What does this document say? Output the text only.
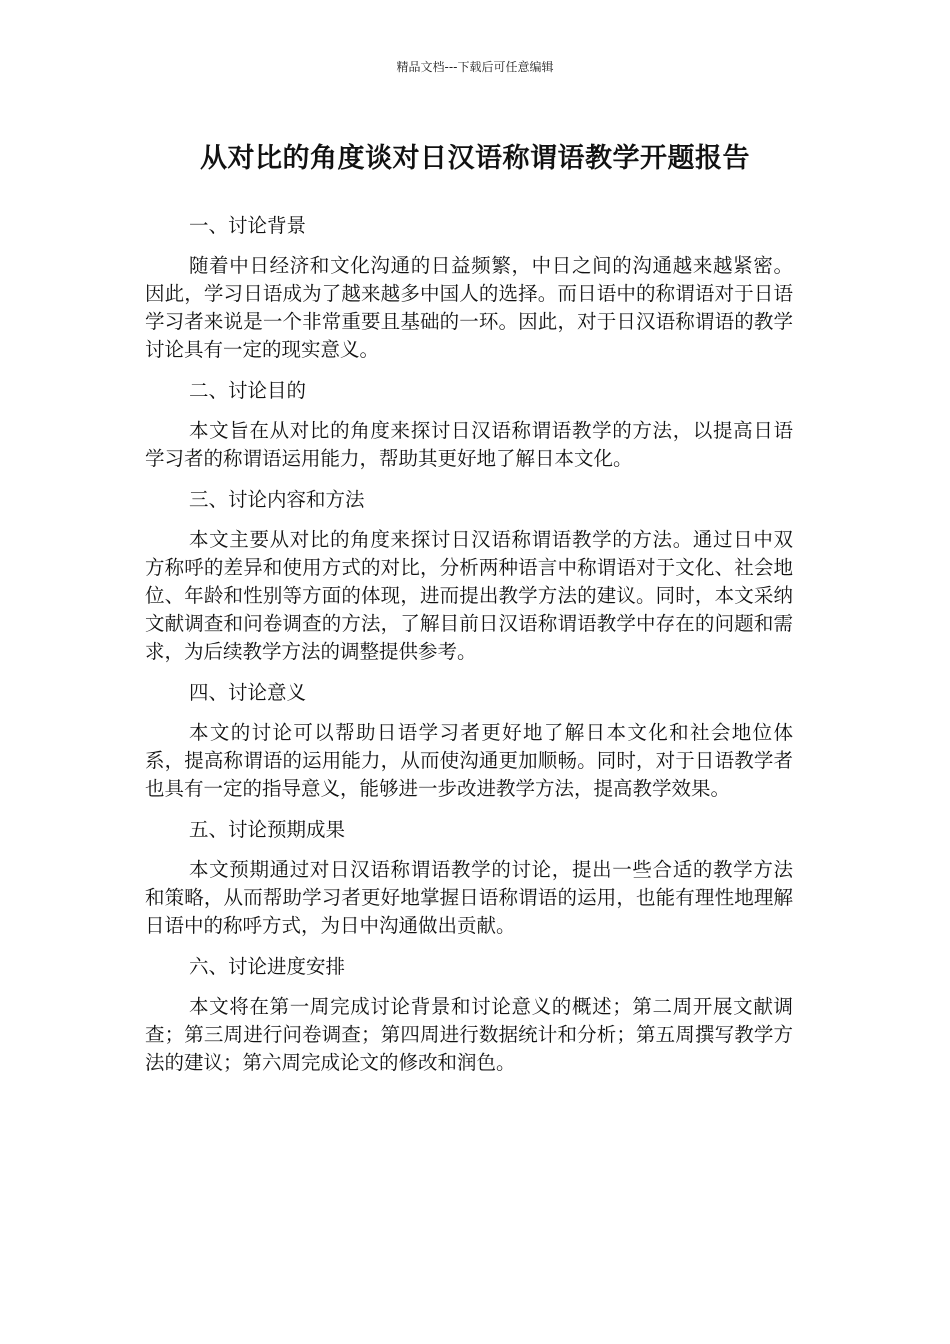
精品文档---下载后可任意编辑
从对比的角度谈对日汉语称谓语教学开题报告

一、讨论背景

随着中日经济和文化沟通的日益频繁，中日之间的沟通越来越紧密。因此，学习日语成为了越来越多中国人的选择。而日语中的称谓语对于日语学习者来说是一个非常重要且基础的一环。因此，对于日汉语称谓语的教学讨论具有一定的现实意义。

二、讨论目的

本文旨在从对比的角度来探讨日汉语称谓语教学的方法，以提高日语学习者的称谓语运用能力，帮助其更好地了解日本文化。

三、讨论内容和方法

本文主要从对比的角度来探讨日汉语称谓语教学的方法。通过日中双方称呼的差异和使用方式的对比，分析两种语言中称谓语对于文化、社会地位、年龄和性别等方面的体现，进而提出教学方法的建议。同时，本文采纳文献调查和问卷调查的方法，了解目前日汉语称谓语教学中存在的问题和需求，为后续教学方法的调整提供参考。

四、讨论意义

本文的讨论可以帮助日语学习者更好地了解日本文化和社会地位体系，提高称谓语的运用能力，从而使沟通更加顺畅。同时，对于日语教学者也具有一定的指导意义，能够进一步改进教学方法，提高教学效果。

五、讨论预期成果

本文预期通过对日汉语称谓语教学的讨论，提出一些合适的教学方法和策略，从而帮助学习者更好地掌握日语称谓语的运用，也能有理性地理解日语中的称呼方式，为日中沟通做出贡献。

六、讨论进度安排

本文将在第一周完成讨论背景和讨论意义的概述；第二周开展文献调查；第三周进行问卷调查；第四周进行数据统计和分析；第五周撰写教学方法的建议；第六周完成论文的修改和润色。
